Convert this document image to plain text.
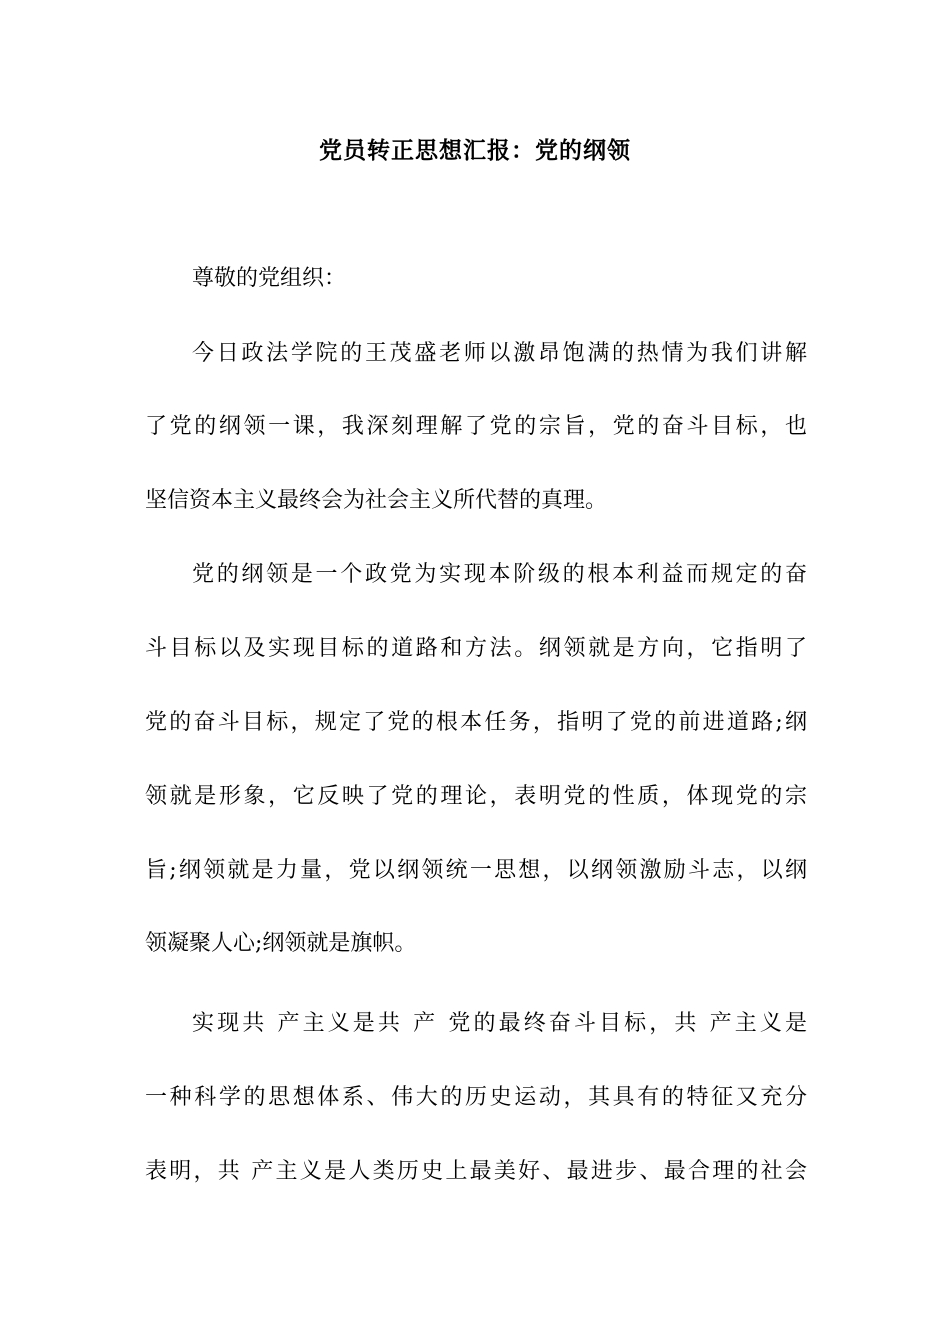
党员转正思想汇报：党的纲领
尊敬的党组织：
今日政法学院的王茂盛老师以激昂饱满的热情为我们讲解
了党的纲领一课，我深刻理解了党的宗旨，党的奋斗目标，也
坚信资本主义最终会为社会主义所代替的真理。
党的纲领是一个政党为实现本阶级的根本利益而规定的奋
斗目标以及实现目标的道路和方法。纲领就是方向，它指明了
党的奋斗目标，规定了党的根本任务，指明了党的前进道路;纲
领就是形象，它反映了党的理论，表明党的性质，体现党的宗
旨;纲领就是力量，党以纲领统一思想，以纲领激励斗志，以纲
领凝聚人心;纲领就是旗帜。
实现共 产主义是共 产 党的最终奋斗目标，共 产主义是
一种科学的思想体系、伟大的历史运动，其具有的特征又充分
表明，共 产主义是人类历史上最美好、最进步、最合理的社会
